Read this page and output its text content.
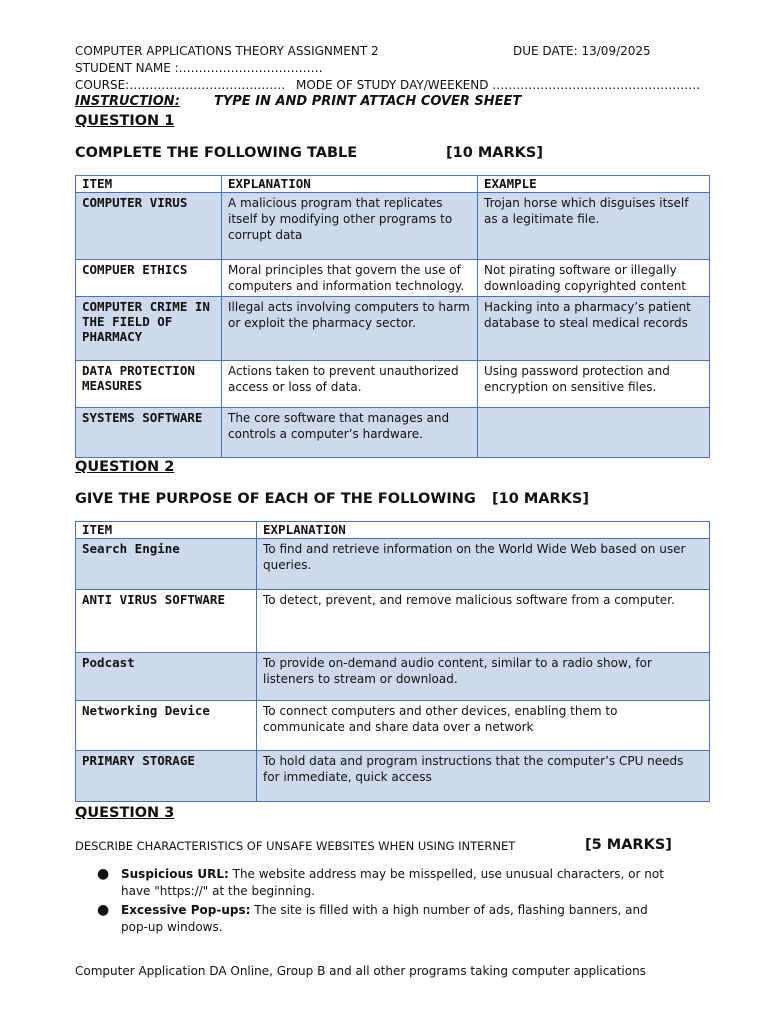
COMPUTER APPLICATIONS THEORY ASSIGNMENT 2	DUE DATE: 13/09/2025
STUDENT NAME :………………………………
COURSE:………………………………… MODE OF STUDY DAY/WEEKEND …………………………………………….
INSTRUCTION:	TYPE IN AND PRINT ATTACH COVER SHEET
QUESTION 1
COMPLETE THE FOLLOWING TABLE	[10 MARKS]
ITEM	EXPLANATION	EXAMPLE
COMPUTER VIRUS	A malicious program that replicates itself by modifying other programs to corrupt data	Trojan horse which disguises itself as a legitimate file.
COMPUER ETHICS	Moral principles that govern the use of computers and information technology.	Not pirating software or illegally downloading copyrighted content
COMPUTER CRIME IN THE FIELD OF PHARMACY	Illegal acts involving computers to harm or exploit the pharmacy sector.	Hacking into a pharmacy’s patient database to steal medical records
DATA PROTECTION MEASURES	Actions taken to prevent unauthorized access or loss of data.	Using password protection and encryption on sensitive files.
SYSTEMS SOFTWARE	The core software that manages and controls a computer’s hardware.	
QUESTION 2
GIVE THE PURPOSE OF EACH OF THE FOLLOWING [10 MARKS]
ITEM	EXPLANATION
Search Engine	To find and retrieve information on the World Wide Web based on user queries.
ANTI VIRUS SOFTWARE	To detect, prevent, and remove malicious software from a computer.
Podcast	To provide on-demand audio content, similar to a radio show, for listeners to stream or download.
Networking Device	To connect computers and other devices, enabling them to communicate and share data over a network
PRIMARY STORAGE	To hold data and program instructions that the computer’s CPU needs for immediate, quick access
QUESTION 3
DESCRIBE CHARACTERISTICS OF UNSAFE WEBSITES WHEN USING INTERNET	[5 MARKS]
● Suspicious URL: The website address may be misspelled, use unusual characters, or not have "https://" at the beginning.
● Excessive Pop-ups: The site is filled with a high number of ads, flashing banners, and pop-up windows.
Computer Application DA Online, Group B and all other programs taking computer applications
